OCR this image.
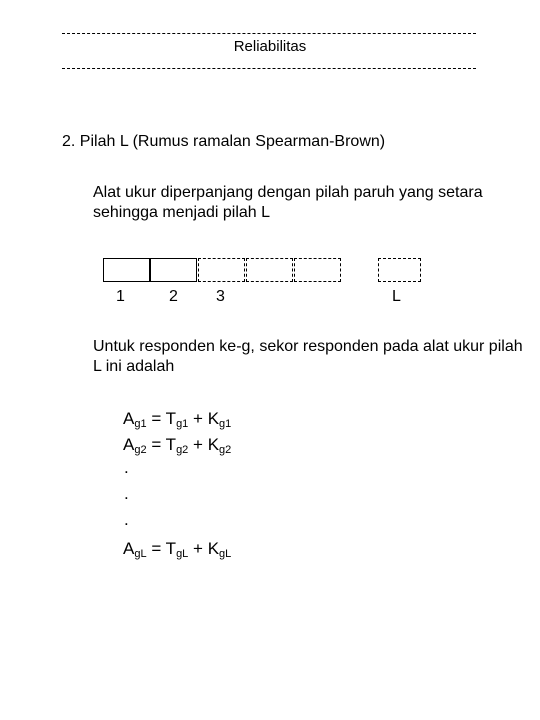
Reliabilitas
2. Pilah L (Rumus ramalan Spearman-Brown)
Alat ukur diperpanjang dengan pilah paruh yang setara sehingga menjadi pilah L
1	2	3	L
Untuk responden ke-g, sekor responden pada alat ukur pilah L ini adalah
$A_{g1} = T_{g1} + K_{g1}$
$A_{g2} = T_{g2} + K_{g2}$
.
.
.
$A_{gL} = T_{gL} + K_{gL}$
